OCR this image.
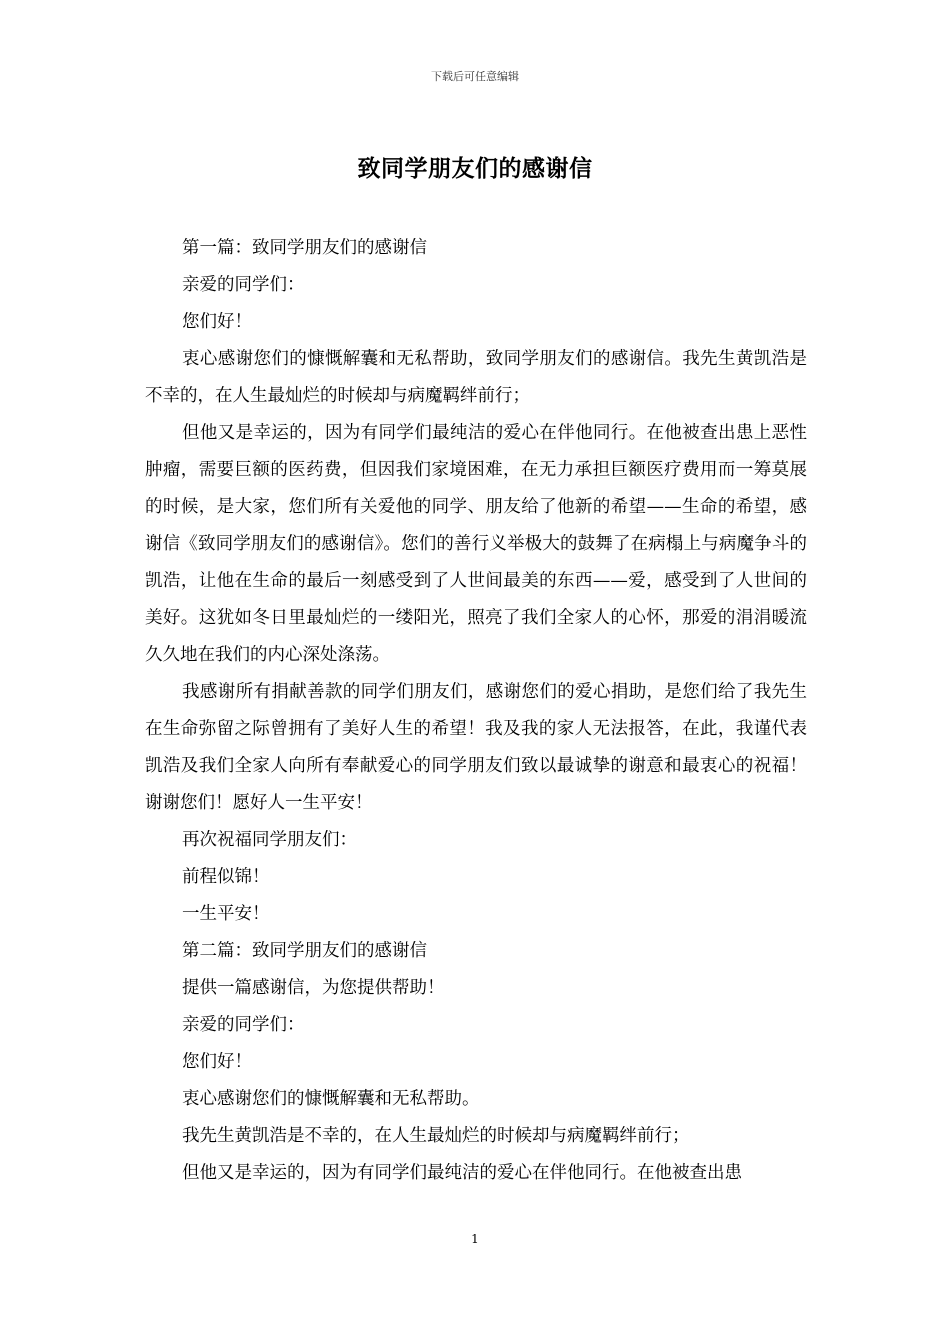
下载后可任意编辑
致同学朋友们的感谢信

第一篇：致同学朋友们的感谢信

亲爱的同学们：

您们好！

衷心感谢您们的慷慨解囊和无私帮助，致同学朋友们的感谢信。我先生黄凯浩是不幸的，在人生最灿烂的时候却与病魔羁绊前行；

但他又是幸运的，因为有同学们最纯洁的爱心在伴他同行。在他被查出患上恶性肿瘤，需要巨额的医药费，但因我们家境困难，在无力承担巨额医疗费用而一筹莫展的时候，是大家，您们所有关爱他的同学、朋友给了他新的希望——生命的希望，感谢信《致同学朋友们的感谢信》。您们的善行义举极大的鼓舞了在病榻上与病魔争斗的凯浩，让他在生命的最后一刻感受到了人世间最美的东西——爱，感受到了人世间的美好。这犹如冬日里最灿烂的一缕阳光，照亮了我们全家人的心怀，那爱的涓涓暖流久久地在我们的内心深处涤荡。

我感谢所有捐献善款的同学们朋友们，感谢您们的爱心捐助，是您们给了我先生在生命弥留之际曾拥有了美好人生的希望！我及我的家人无法报答，在此，我谨代表凯浩及我们全家人向所有奉献爱心的同学朋友们致以最诚挚的谢意和最衷心的祝福！谢谢您们！愿好人一生平安！

再次祝福同学朋友们：

前程似锦！

一生平安！

第二篇：致同学朋友们的感谢信

提供一篇感谢信，为您提供帮助！

亲爱的同学们：

您们好！

衷心感谢您们的慷慨解囊和无私帮助。

我先生黄凯浩是不幸的，在人生最灿烂的时候却与病魔羁绊前行；

但他又是幸运的，因为有同学们最纯洁的爱心在伴他同行。在他被查出患

1
